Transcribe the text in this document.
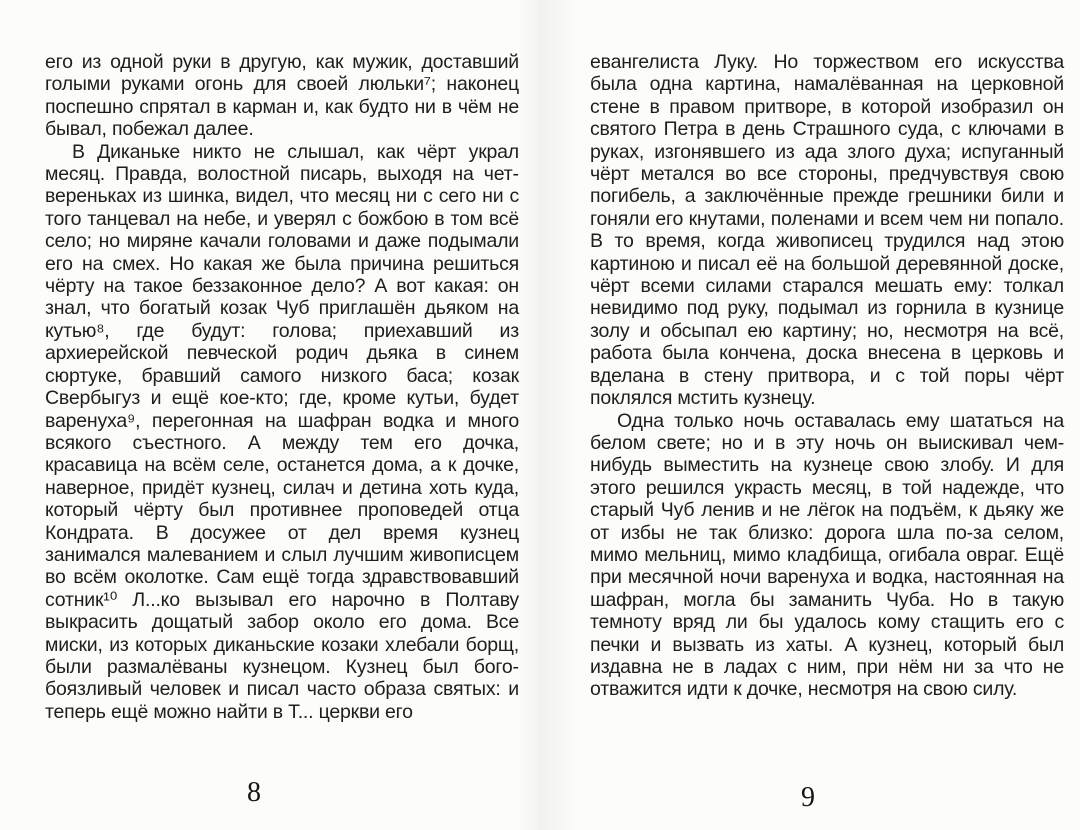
его из одной руки в другую, как мужик, доставший голыми руками огонь для своей люльки⁷; наконец поспешно спрятал в карман и, как будто ни в чём не бывал, побежал далее.

В Диканьке никто не слышал, как чёрт украл месяц. Правда, волостной писарь, выходя на четвереньках из шинка, видел, что месяц ни с сего ни с того танцевал на небе, и уверял с божбою в том всё село; но миряне качали головами и даже подымали его на смех. Но какая же была причина решиться чёрту на такое беззаконное дело? А вот какая: он знал, что богатый козак Чуб приглашён дьяком на кутью⁸, где будут: голова; приехавший из архиерейской певческой родич дьяка в синем сюртуке, бравший самого низкого баса; козак Свербыгуз и ещё кое-кто; где, кроме кутьи, будет варенуха⁹, перегонная на шафран водка и много всякого съестного. А между тем его дочка, красавица на всём селе, останется дома, а к дочке, наверное, придёт кузнец, силач и детина хоть куда, который чёрту был противнее проповедей отца Кондрата. В досужее от дел время кузнец занимался малеванием и слыл лучшим живописцем во всём околотке. Сам ещё тогда здравствовавший сотник¹⁰ Л...ко вызывал его нарочно в Полтаву выкрасить дощатый забор около его дома. Все миски, из которых диканьские козаки хлебали борщ, были размалёваны кузнецом. Кузнец был богобоязливый человек и писал часто образа святых: и теперь ещё можно найти в Т... церкви его

евангелиста Луку. Но торжеством его искусства была одна картина, намалёванная на церковной стене в правом притворе, в которой изобразил он святого Петра в день Страшного суда, с ключами в руках, изгонявшего из ада злого духа; испуганный чёрт метался во все стороны, предчувствуя свою погибель, а заключённые прежде грешники били и гоняли его кнутами, поленами и всем чем ни попало. В то время, когда живописец трудился над этою картиною и писал её на большой деревянной доске, чёрт всеми силами старался мешать ему: толкал невидимо под руку, подымал из горнила в кузнице золу и обсыпал ею картину; но, несмотря на всё, работа была кончена, доска внесена в церковь и вделана в стену притвора, и с той поры чёрт поклялся мстить кузнецу.

Одна только ночь оставалась ему шататься на белом свете; но и в эту ночь он выискивал чем-нибудь выместить на кузнеце свою злобу. И для этого решился украсть месяц, в той надежде, что старый Чуб ленив и не лёгок на подъём, к дьяку же от избы не так близко: дорога шла по-за селом, мимо мельниц, мимо кладбища, огибала овраг. Ещё при месячной ночи варенуха и водка, настоянная на шафран, могла бы заманить Чуба. Но в такую темноту вряд ли бы удалось кому стащить его с печки и вызвать из хаты. А кузнец, который был издавна не в ладах с ним, при нём ни за что не отважится идти к дочке, несмотря на свою силу.

8	9
